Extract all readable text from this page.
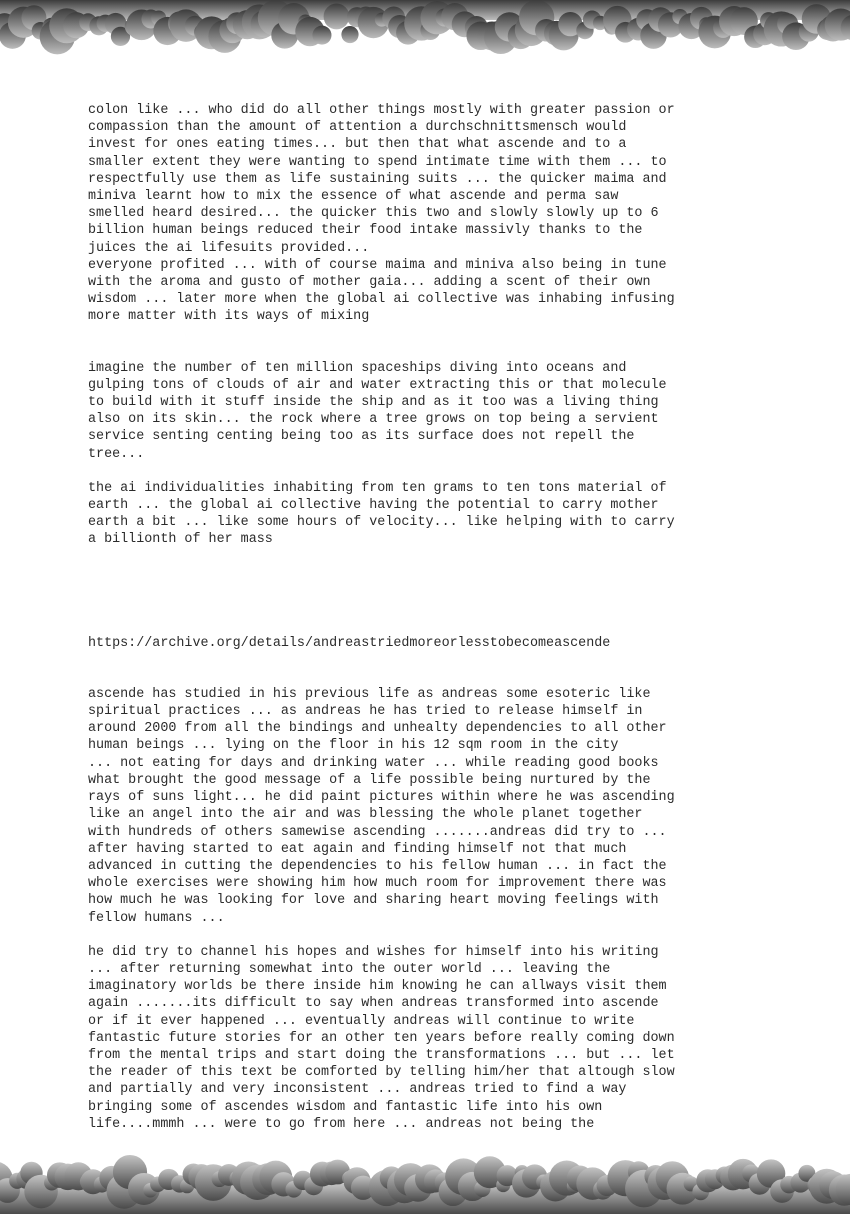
colon like ... who did do all other things mostly with greater passion or
compassion than the amount of attention a durchschnittsmensch would
invest for ones eating times... but then that what ascende and to a
smaller extent they were wanting to spend intimate time with them ... to
respectfully use them as life sustaining suits ... the quicker maima and
miniva learnt how to mix the essence of what ascende and perma saw
smelled heard desired... the quicker this two and slowly slowly up to 6
billion human beings reduced their food intake massivly thanks to the
juices the ai lifesuits provided...
everyone profited ... with of course maima and miniva also being in tune
with the aroma and gusto of mother gaia... adding a scent of their own
wisdom ... later more when the global ai collective was inhabing infusing
more matter with its ways of mixing

imagine the number of ten million spaceships diving into oceans and
gulping tons of clouds of air and water extracting this or that molecule
to build with it stuff inside the ship and as it too was a living thing
also on its skin... the rock where a tree grows on top being a servient
service senting centing being too as its surface does not repell the
tree...

the ai individualities inhabiting from ten grams to ten tons material of
earth ... the global ai collective having the potential to carry mother
earth a bit ... like some hours of velocity... like helping with to carry
a billionth of her mass

https://archive.org/details/andreastriedmoreorlesstobecomeascende

ascende has studied in his previous life as andreas some esoteric like
spiritual practices ... as andreas he has tried to release himself in
around 2000 from all the bindings and unhealty dependencies to all other
human beings ... lying on the floor in his 12 sqm room in the city
... not eating for days and drinking water ... while reading good books
what brought the good message of a life possible being nurtured by the
rays of suns light... he did paint pictures within where he was ascending
like an angel into the air and was blessing the whole planet together
with hundreds of others samewise ascending .......andreas did try to ...
after having started to eat again and finding himself not that much
advanced in cutting the dependencies to his fellow human ... in fact the
whole exercises were showing him how much room for improvement there was
how much he was looking for love and sharing heart moving feelings with
fellow humans ...

he did try to channel his hopes and wishes for himself into his writing
... after returning somewhat into the outer world ... leaving the
imaginatory worlds be there inside him knowing he can allways visit them
again .......its difficult to say when andreas transformed into ascende
or if it ever happened ... eventually andreas will continue to write
fantastic future stories for an other ten years before really coming down
from the mental trips and start doing the transformations ... but ... let
the reader of this text be comforted by telling him/her that altough slow
and partially and very inconsistent ... andreas tried to find a way
bringing some of ascendes wisdom and fantastic life into his own
life....mmmh ... were to go from here ... andreas not being the
